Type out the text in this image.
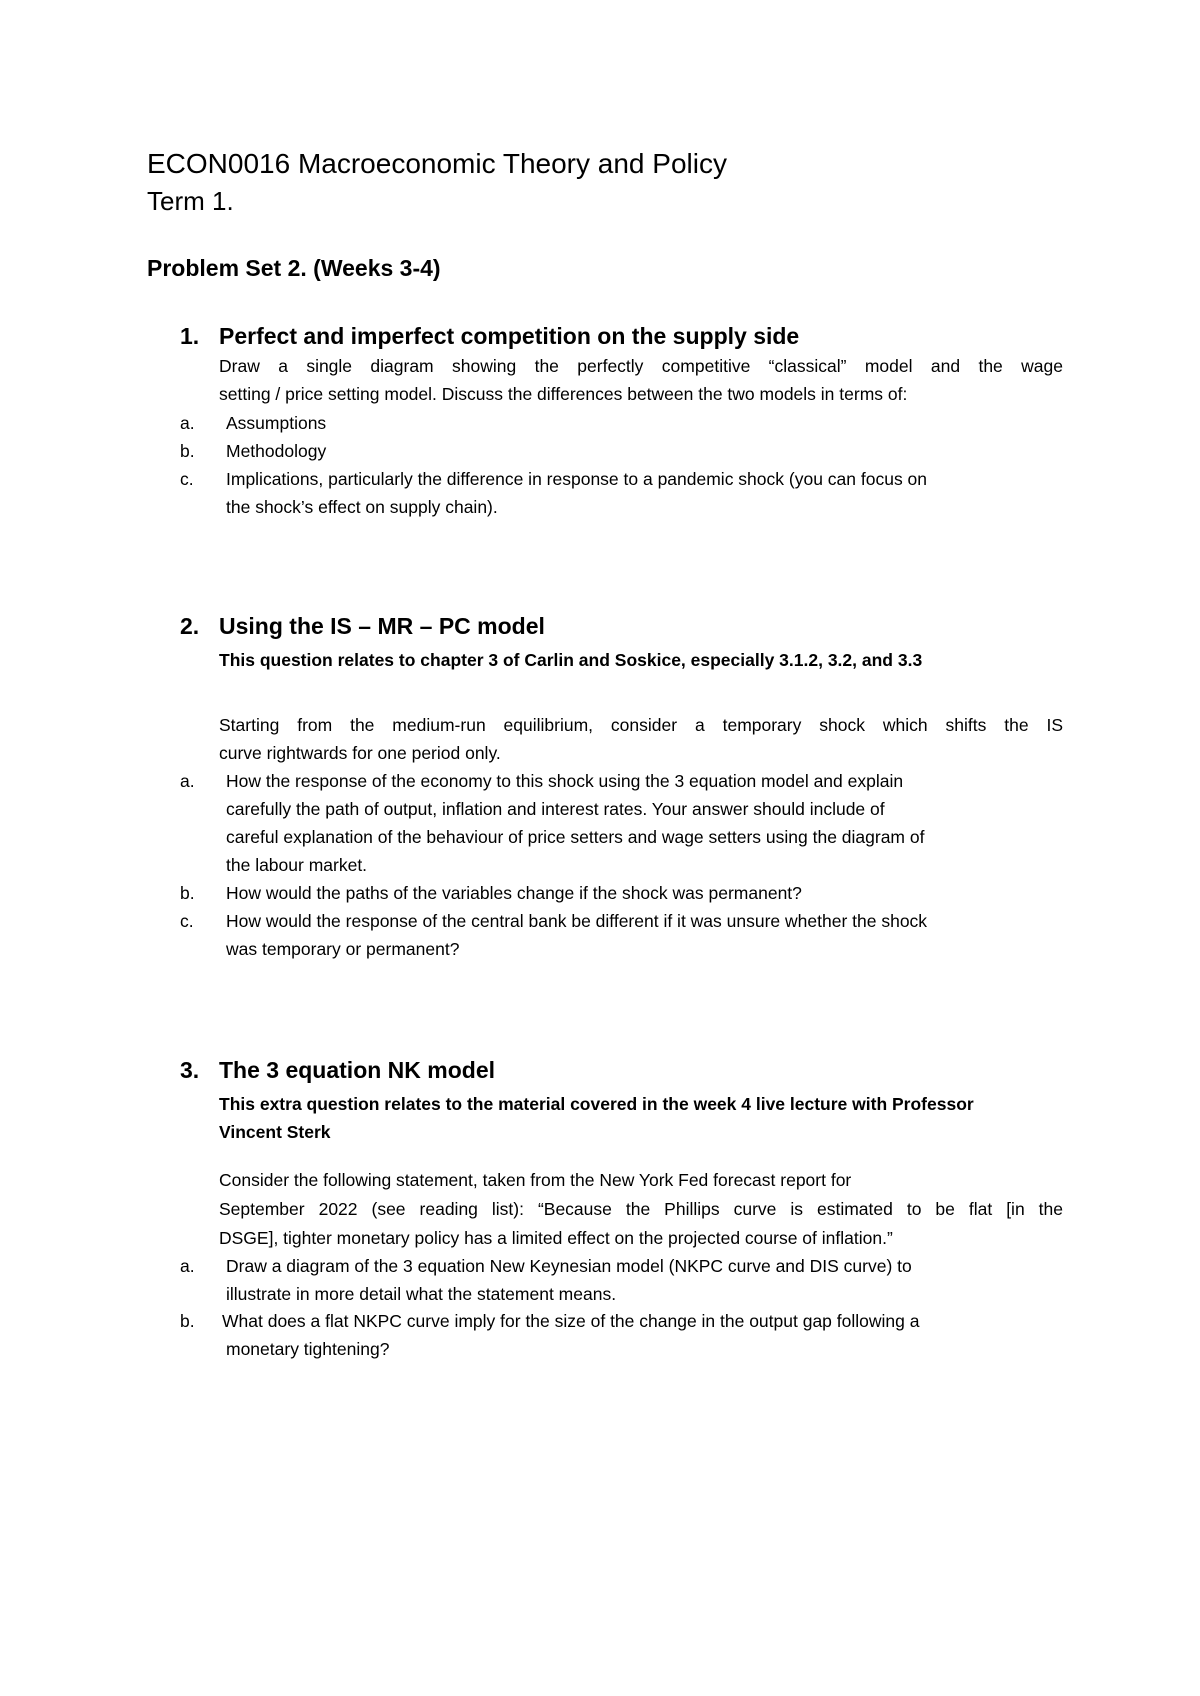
ECON0016 Macroeconomic Theory and Policy

Term 1.

Problem Set 2. (Weeks 3-4)

1. Perfect and imperfect competition on the supply side
Draw a single diagram showing the perfectly competitive “classical” model and the wage
setting / price setting model. Discuss the differences between the two models in terms of:
a. Assumptions
b. Methodology
c. Implications, particularly the difference in response to a pandemic shock (you can focus on
the shock’s effect on supply chain).
2. Using the IS – MR – PC model
This question relates to chapter 3 of Carlin and Soskice, especially 3.1.2, 3.2, and 3.3
Starting from the medium-run equilibrium, consider a temporary shock which shifts the IS
curve rightwards for one period only.
a. How the response of the economy to this shock using the 3 equation model and explain
carefully the path of output, inflation and interest rates. Your answer should include of
careful explanation of the behaviour of price setters and wage setters using the diagram of
the labour market.
b. How would the paths of the variables change if the shock was permanent?
c. How would the response of the central bank be different if it was unsure whether the shock
was temporary or permanent?
3. The 3 equation NK model
This extra question relates to the material covered in the week 4 live lecture with Professor
Vincent Sterk
Consider the following statement, taken from the New York Fed forecast report for
September 2022 (see reading list): “Because the Phillips curve is estimated to be flat [in the
DSGE], tighter monetary policy has a limited effect on the projected course of inflation.”
a. Draw a diagram of the 3 equation New Keynesian model (NKPC curve and DIS curve) to
illustrate in more detail what the statement means.
b. What does a flat NKPC curve imply for the size of the change in the output gap following a
monetary tightening?
